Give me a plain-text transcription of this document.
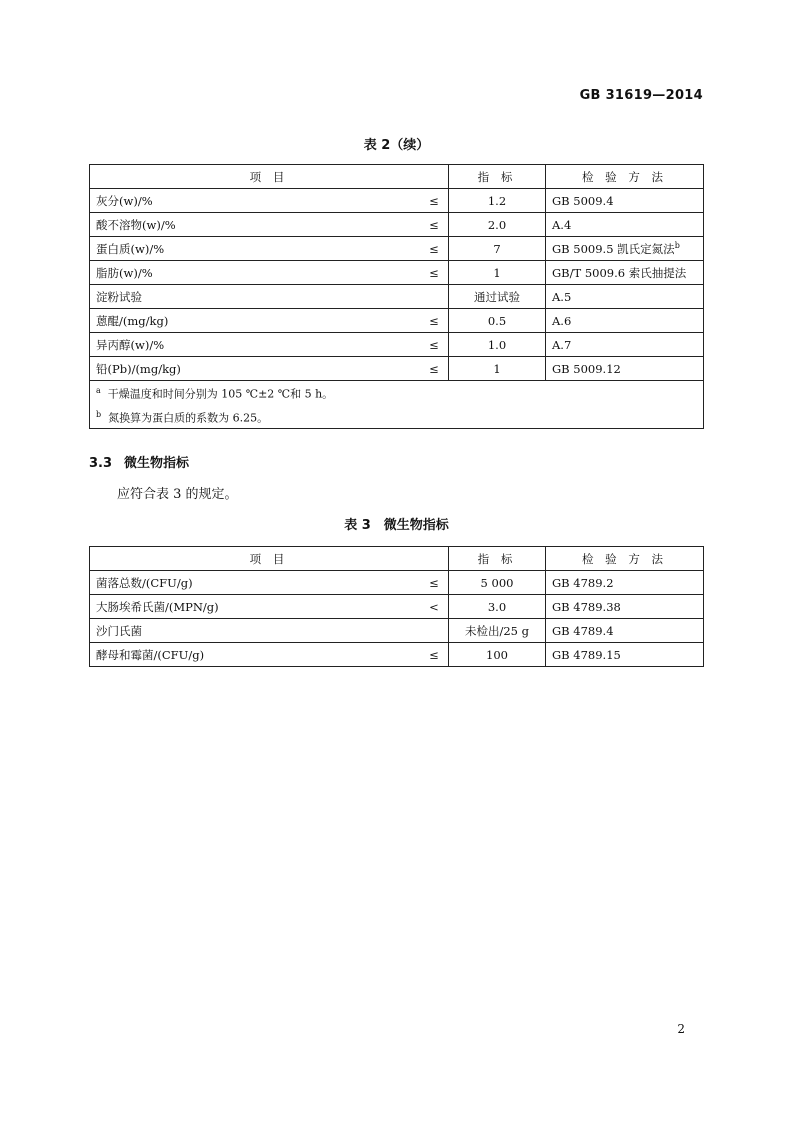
GB 31619—2014
表 2（续）
项 目		指 标	检 验 方 法
灰分(w)/%	≤	1.2	GB 5009.4
酸不溶物(w)/%	≤	2.0	A.4
蛋白质(w)/%	≤	7	GB 5009.5 凯氏定氮法$^b$
脂肪(w)/%	≤	1	GB/T 5009.6 索氏抽提法
淀粉试验		通过试验	A.5
蒽醌/(mg/kg)	≤	0.5	A.6
异丙醇(w)/%	≤	1.0	A.7
铅(Pb)/(mg/kg)	≤	1	GB 5009.12

$^a$ 干燥温度和时间分别为 105 ℃±2 ℃和 5 h。
$^b$ 氮换算为蛋白质的系数为 6.25。			
3.3 微生物指标
应符合表 3 的规定。
表 3　微生物指标
项 目		指 标	检 验 方 法
菌落总数/(CFU/g)	≤	5 000	GB 4789.2
大肠埃希氏菌/(MPN/g)	<	3.0	GB 4789.38
沙门氏菌		未检出/25 g	GB 4789.4
酵母和霉菌/(CFU/g)	≤	100	GB 4789.15
2
